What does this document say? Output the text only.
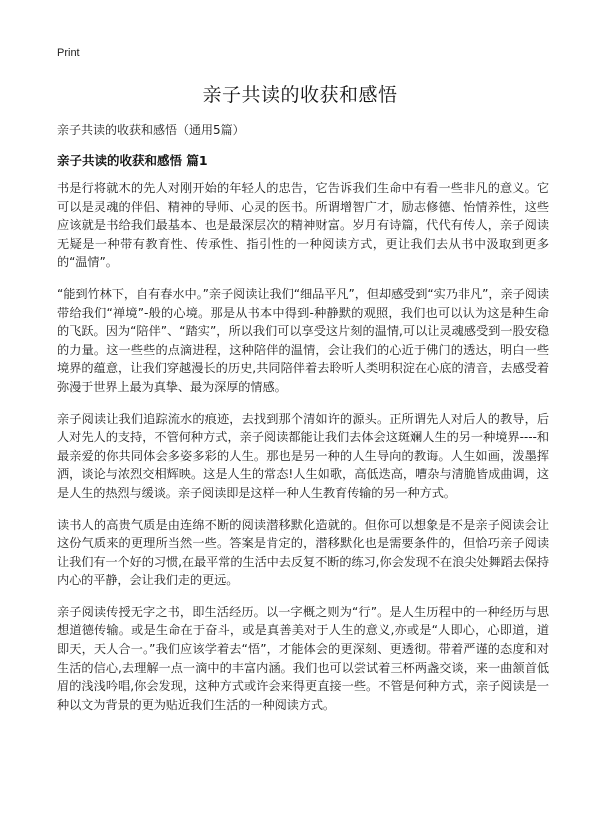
Print
亲子共读的收获和感悟
亲子共读的收获和感悟（通用5篇）
亲子共读的收获和感悟 篇1

书是行将就木的先人对刚开始的年轻人的忠告，它告诉我们生命中有看一些非凡的意义。它可以是灵魂的伴侣、精神的导师、心灵的医书。所谓增智广才，励志修德、怡情养性，这些应该就是书给我们最基本、也是最深层次的精神财富。岁月有诗篇，代代有传人，亲子阅读无疑是一种带有教育性、传承性、指引性的一种阅读方式，更让我们去从书中汲取到更多的“温情”。

“能到竹林下，自有春水中。”亲子阅读让我们“细品平凡”，但却感受到“实乃非凡”，亲子阅读带给我们“禅境”-般的心境。那是从书本中得到-种静默的观照，我们也可以认为这是种生命的飞跃。因为“陪伴”、“踏实”，所以我们可以享受这片刻的温情,可以让灵魂感受到一股安稳的力量。这一些些的点滴进程，这种陪伴的温情，会让我们的心近于佛门的透达，明白一些境界的蕴意，让我们穿越漫长的历史,共同陪伴着去聆听人类明积淀在心底的清音，去感受着弥漫于世界上最为真挚、最为深厚的情感。

亲子阅读让我们追踪流水的痕迹，去找到那个清如许的源头。正所谓先人对后人的教导，后人对先人的支持，不管何种方式，亲子阅读都能让我们去体会这斑斓人生的另一种境界----和最亲爱的你共同体会多姿多彩的人生。那也是另一种的人生导向的教诲。人生如画，泼墨挥洒，谈论与浓烈交相辉映。这是人生的常态!人生如歌，高低迭高，嘈杂与清脆皆成曲调，这是人生的热烈与缓谈。亲子阅读即是这样一种人生教育传输的另一种方式。

读书人的高贵气质是由连绵不断的阅读潜移默化造就的。但你可以想象是不是亲子阅读会让这份气质来的更理所当然一些。答案是肯定的，潜移默化也是需要条件的，但恰巧亲子阅读让我们有一个好的习惯,在最平常的生活中去反复不断的练习,你会发现不在浪尖处舞蹈去保持内心的平静，会让我们走的更远。

亲子阅读传授无字之书，即生活经历。以一字概之则为“行”。是人生历程中的一种经历与思想道德传输。或是生命在于奋斗，或是真善美对于人生的意义,亦或是“人即心，心即道，道即天，天人合一。”我们应该学着去“悟”，才能体会的更深刻、更透彻。带着严谨的态度和对生活的信心,去理解一点一滴中的丰富内涵。我们也可以尝试着三杯两盏交谈，来一曲颔首低眉的浅浅吟唱,你会发现，这种方式或许会来得更直接一些。不管是何种方式，亲子阅读是一种以文为背景的更为贴近我们生活的一种阅读方式。
